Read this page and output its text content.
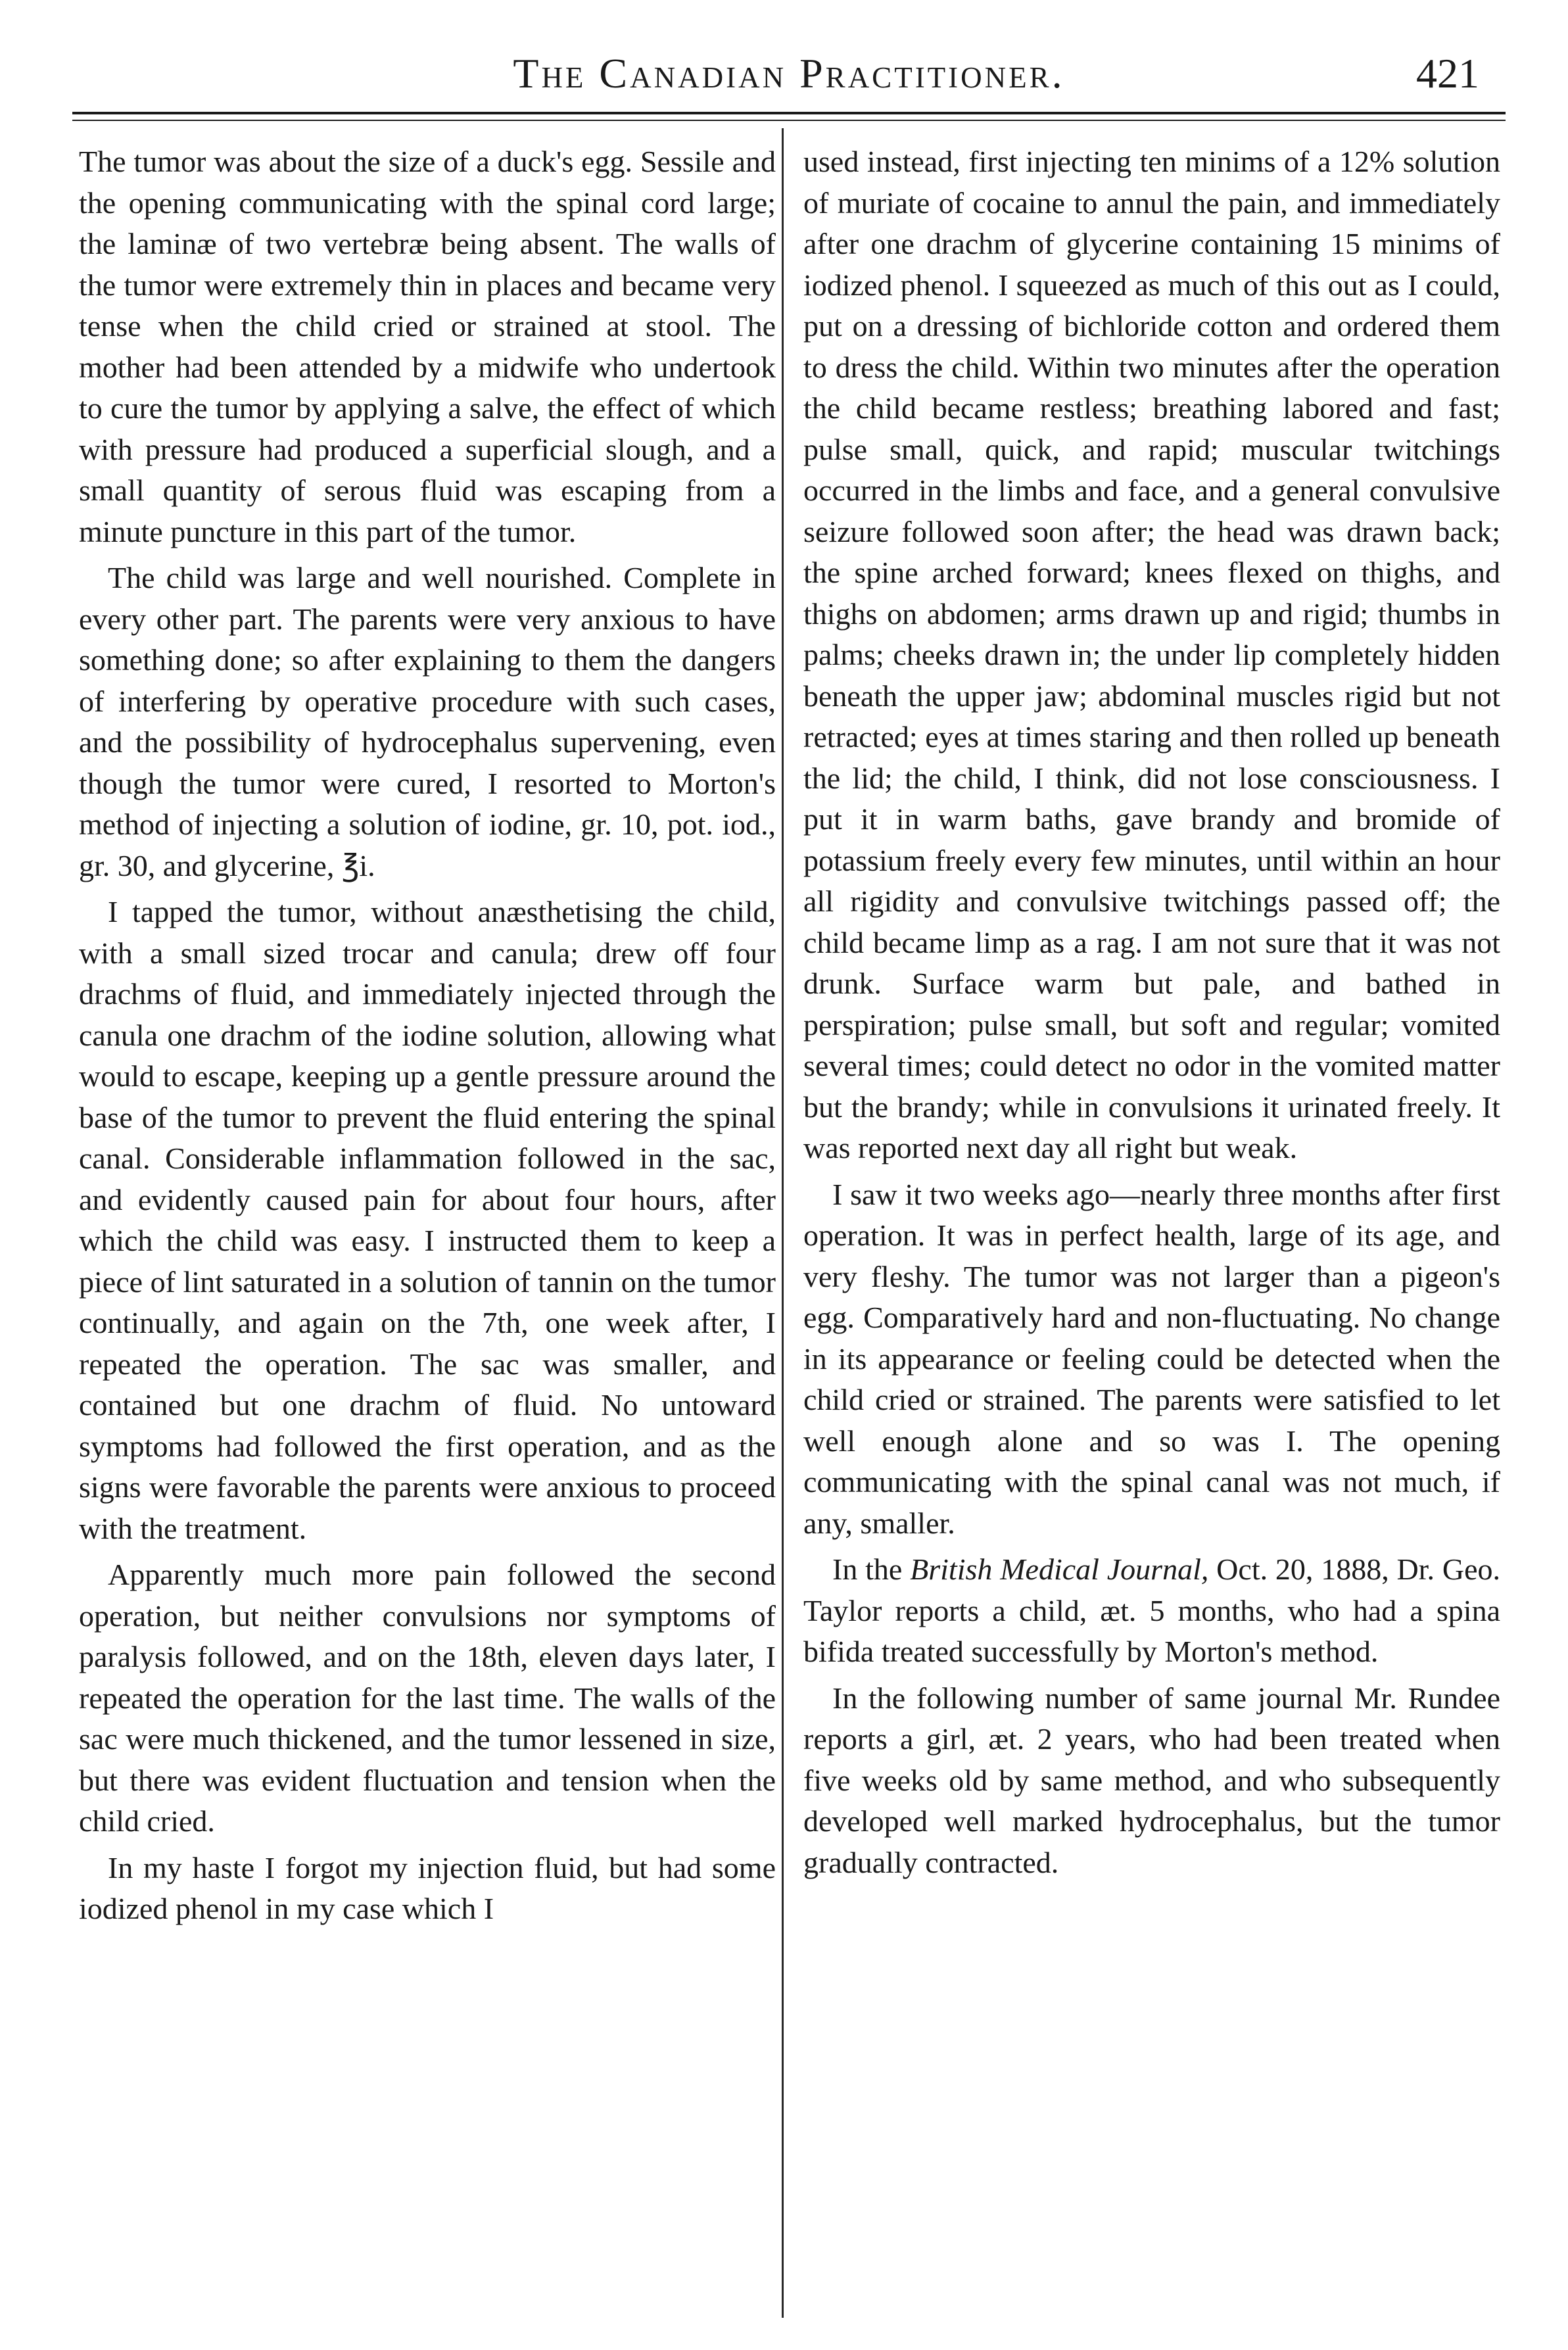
The Canadian Practitioner.	421

The tumor was about the size of a duck's egg. Sessile and the opening communicating with the spinal cord large; the laminæ of two vertebræ being absent. The walls of the tumor were extremely thin in places and became very tense when the child cried or strained at stool. The mother had been attended by a midwife who undertook to cure the tumor by applying a salve, the effect of which with pressure had produced a superficial slough, and a small quantity of serous fluid was escaping from a minute puncture in this part of the tumor.

The child was large and well nourished. Complete in every other part. The parents were very anxious to have something done; so after explaining to them the dangers of interfering by operative procedure with such cases, and the possibility of hydrocephalus supervening, even though the tumor were cured, I resorted to Morton's method of injecting a solution of iodine, gr. 10, pot. iod., gr. 30, and glycerine, ℥i.

I tapped the tumor, without anæsthetising the child, with a small sized trocar and canula; drew off four drachms of fluid, and immediately injected through the canula one drachm of the iodine solution, allowing what would to escape, keeping up a gentle pressure around the base of the tumor to prevent the fluid entering the spinal canal. Considerable inflammation followed in the sac, and evidently caused pain for about four hours, after which the child was easy. I instructed them to keep a piece of lint saturated in a solution of tannin on the tumor continually, and again on the 7th, one week after, I repeated the operation. The sac was smaller, and contained but one drachm of fluid. No untoward symptoms had followed the first operation, and as the signs were favorable the parents were anxious to proceed with the treatment.

Apparently much more pain followed the second operation, but neither convulsions nor symptoms of paralysis followed, and on the 18th, eleven days later, I repeated the operation for the last time. The walls of the sac were much thickened, and the tumor lessened in size, but there was evident fluctuation and tension when the child cried.

In my haste I forgot my injection fluid, but had some iodized phenol in my case which I

used instead, first injecting ten minims of a 12% solution of muriate of cocaine to annul the pain, and immediately after one drachm of glycerine containing 15 minims of iodized phenol. I squeezed as much of this out as I could, put on a dressing of bichloride cotton and ordered them to dress the child. Within two minutes after the operation the child became restless; breathing labored and fast; pulse small, quick, and rapid; muscular twitchings occurred in the limbs and face, and a general convulsive seizure followed soon after; the head was drawn back; the spine arched forward; knees flexed on thighs, and thighs on abdomen; arms drawn up and rigid; thumbs in palms; cheeks drawn in; the under lip completely hidden beneath the upper jaw; abdominal muscles rigid but not retracted; eyes at times staring and then rolled up beneath the lid; the child, I think, did not lose consciousness. I put it in warm baths, gave brandy and bromide of potassium freely every few minutes, until within an hour all rigidity and convulsive twitchings passed off; the child became limp as a rag. I am not sure that it was not drunk. Surface warm but pale, and bathed in perspiration; pulse small, but soft and regular; vomited several times; could detect no odor in the vomited matter but the brandy; while in convulsions it urinated freely. It was reported next day all right but weak.

I saw it two weeks ago—nearly three months after first operation. It was in perfect health, large of its age, and very fleshy. The tumor was not larger than a pigeon's egg. Comparatively hard and non-fluctuating. No change in its appearance or feeling could be detected when the child cried or strained. The parents were satisfied to let well enough alone and so was I. The opening communicating with the spinal canal was not much, if any, smaller.

In the British Medical Journal, Oct. 20, 1888, Dr. Geo. Taylor reports a child, æt. 5 months, who had a spina bifida treated successfully by Morton's method.

In the following number of same journal Mr. Rundee reports a girl, æt. 2 years, who had been treated when five weeks old by same method, and who subsequently developed well marked hydrocephalus, but the tumor gradually contracted.
